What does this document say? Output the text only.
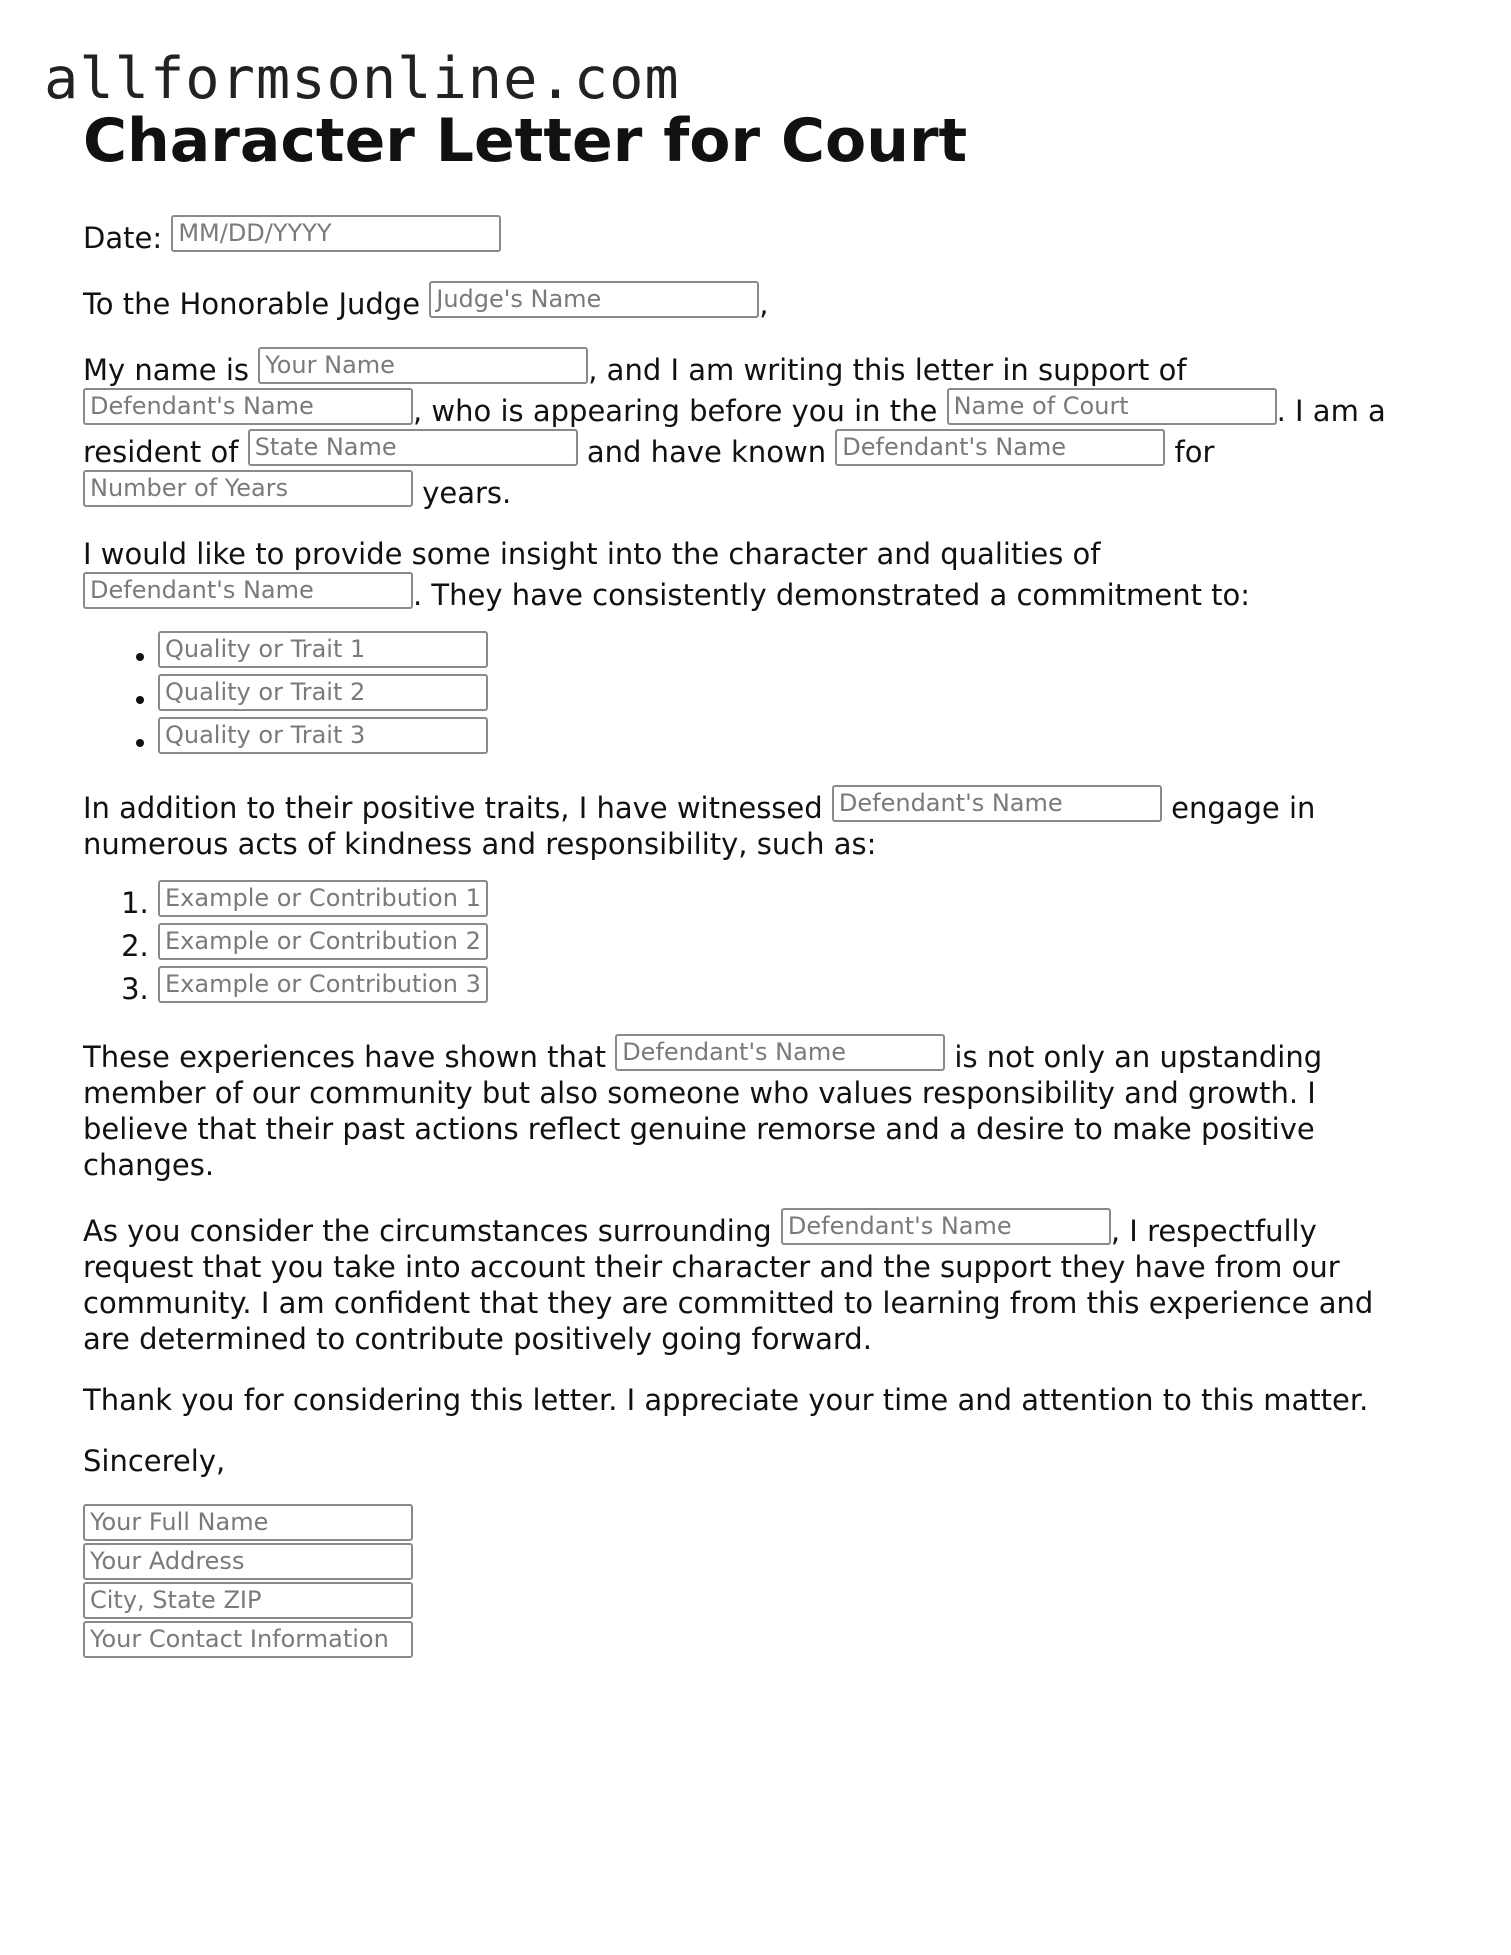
allformsonline.com
Character Letter for Court

Date: MM/DD/YYYY

To the Honorable Judge Judge's Name	,

My name is Your Name	, and I am writing this letter in support of Defendant's Name	, who is appearing before you in the Name of Court	. I am a resident of State Name	and have known Defendant's Name	for Number of Years	years.

I would like to provide some insight into the character and qualities of Defendant's Name	. They have consistently demonstrated a commitment to:

• Quality or Trait 1
• Quality or Trait 2
• Quality or Trait 3

In addition to their positive traits, I have witnessed Defendant's Name	engage in numerous acts of kindness and responsibility, such as:

1. Example or Contribution 1
2. Example or Contribution 2
3. Example or Contribution 3

These experiences have shown that Defendant's Name	is not only an upstanding member of our community but also someone who values responsibility and growth. I believe that their past actions reflect genuine remorse and a desire to make positive changes.

As you consider the circumstances surrounding Defendant's Name	, I respectfully request that you take into account their character and the support they have from our community. I am confident that they are committed to learning from this experience and are determined to contribute positively going forward.

Thank you for considering this letter. I appreciate your time and attention to this matter.

Sincerely,

Your Full Name
Your Address
City, State ZIP
Your Contact Information
